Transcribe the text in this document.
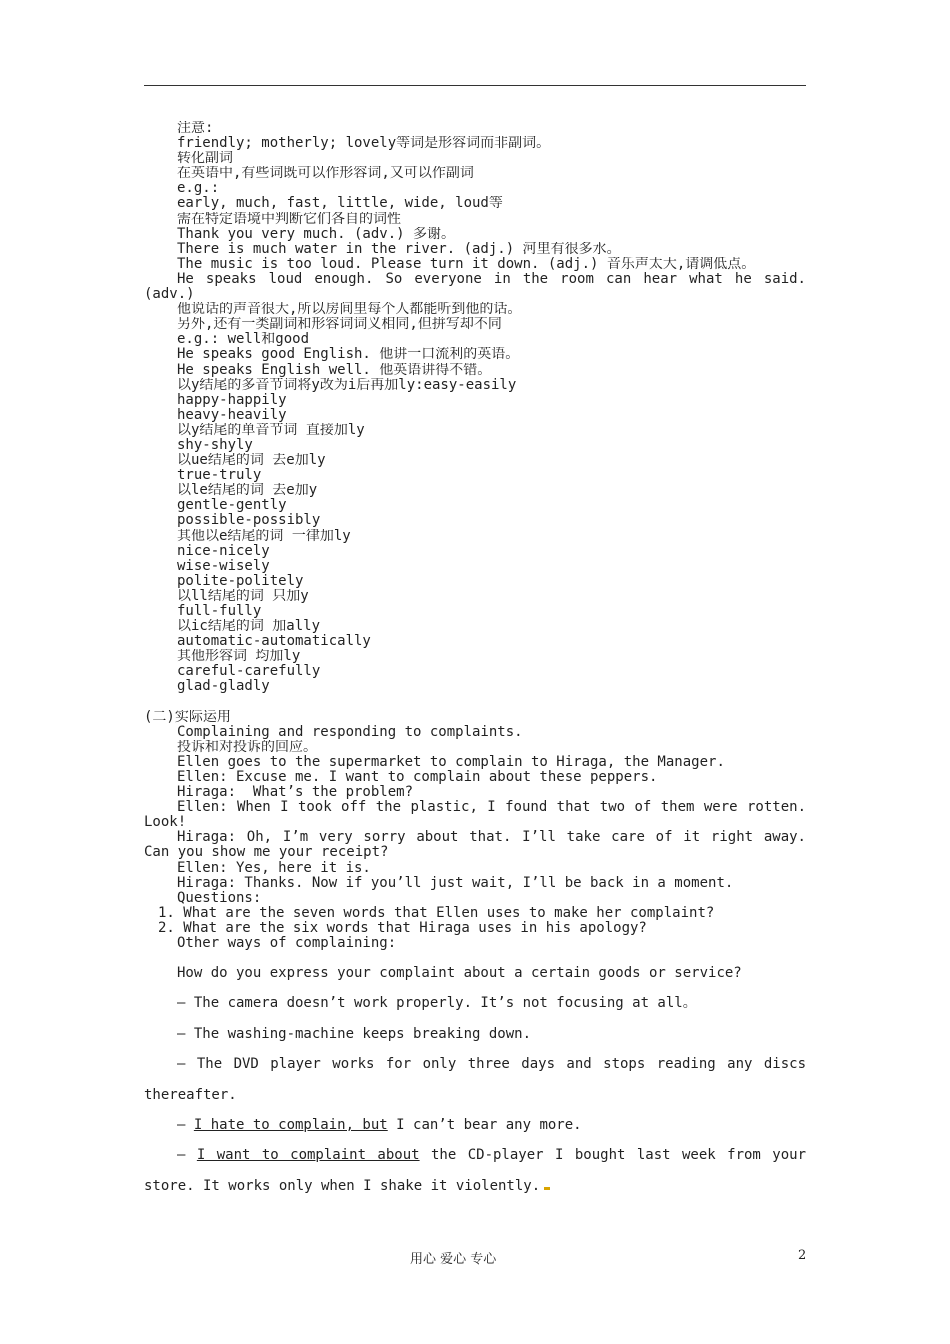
注意:
friendly; motherly; lovely等词是形容词而非副词。
转化副词
在英语中,有些词既可以作形容词,又可以作副词
e.g.:
early, much, fast, little, wide, loud等
需在特定语境中判断它们各自的词性
Thank you very much. (adv.) 多谢。
There is much water in the river. (adj.) 河里有很多水。
The music is too loud. Please turn it down. (adj.) 音乐声太大,请调低点。
He speaks loud enough. So everyone in the room can hear what he said.
(adv.)
他说话的声音很大,所以房间里每个人都能听到他的话。
另外,还有一类副词和形容词词义相同,但拼写却不同
e.g.: well和good
He speaks good English. 他讲一口流利的英语。
He speaks English well. 他英语讲得不错。
以y结尾的多音节词将y改为i后再加ly:easy-easily
happy-happily
heavy-heavily
以y结尾的单音节词 直接加ly
shy-shyly
以ue结尾的词 去e加ly
true-truly
以le结尾的词 去e加y
gentle-gently
possible-possibly
其他以e结尾的词 一律加ly
nice-nicely
wise-wisely
polite-politely
以ll结尾的词 只加y
full-fully
以ic结尾的词 加ally
automatic-automatically
其他形容词 均加ly
careful-carefully
glad-gladly
(二)实际运用
Complaining and responding to complaints.
投诉和对投诉的回应。
Ellen goes to the supermarket to complain to Hiraga, the Manager.
Ellen: Excuse me. I want to complain about these peppers.
Hiraga:  What’s the problem?
Ellen: When I took off the plastic, I found that two of them were rotten.
Look!
Hiraga: Oh, I’m very sorry about that. I’ll take care of it right away.
Can you show me your receipt?
Ellen: Yes, here it is.
Hiraga: Thanks. Now if you’ll just wait, I’ll be back in a moment.
Questions:
1. What are the seven words that Ellen uses to make her complaint?
2. What are the six words that Hiraga uses in his apology?
Other ways of complaining:
How do you express your complaint about a certain goods or service?
— The camera doesn’t work properly. It’s not focusing at all。
— The washing-machine keeps breaking down.
— The DVD player works for only three days and stops reading any discs
thereafter.
— I hate to complain, but I can’t bear any more.
— I want to complaint about the CD-player I bought last week from your
store. It works only when I shake it violently.
用心 爱心 专心	2
